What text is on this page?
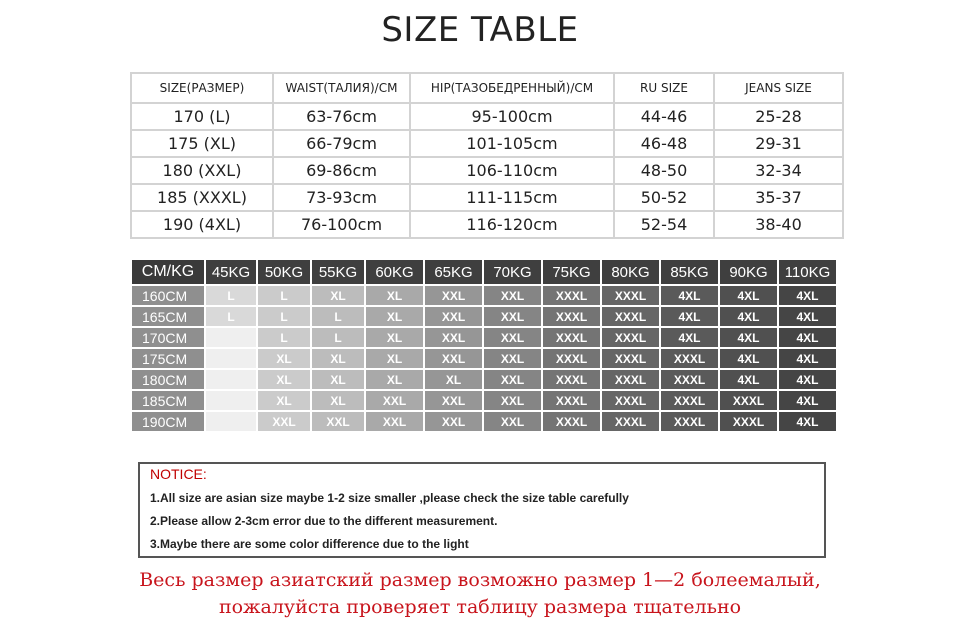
SIZE TABLE
SIZE(РАЗМЕР)	WAIST(ТАЛИЯ)/CM	HIP(ТАЗОБЕДРЕННЫЙ)/CM	RU SIZE	JEANS SIZE
170 (L)	63-76cm	95-100cm	44-46	25-28
175 (XL)	66-79cm	101-105cm	46-48	29-31
180 (XXL)	69-86cm	106-110cm	48-50	32-34
185 (XXXL)	73-93cm	111-115cm	50-52	35-37
190 (4XL)	76-100cm	116-120cm	52-54	38-40
CM/KG	45KG	50KG	55KG	60KG	65KG	70KG	75KG	80KG	85KG	90KG	110KG
160CM	L	L	XL	XL	XXL	XXL	XXXL	XXXL	4XL	4XL	4XL
165CM	L	L	L	XL	XXL	XXL	XXXL	XXXL	4XL	4XL	4XL
170CM		L	L	XL	XXL	XXL	XXXL	XXXL	4XL	4XL	4XL
175CM		XL	XL	XL	XXL	XXL	XXXL	XXXL	XXXL	4XL	4XL
180CM		XL	XL	XL	XL	XXL	XXXL	XXXL	XXXL	4XL	4XL
185CM		XL	XL	XXL	XXL	XXL	XXXL	XXXL	XXXL	XXXL	4XL
190CM		XXL	XXL	XXL	XXL	XXL	XXXL	XXXL	XXXL	XXXL	4XL
NOTICE:
1.All size are asian size maybe 1-2 size smaller ,please check the size table carefully
2.Please allow 2-3cm error due to the different measurement.
3.Maybe there are some color difference due to the light
Весь размер азиатский размер возможно размер 1—2 болеемалый,
пожалуйста проверяет таблицу размера тщательно
